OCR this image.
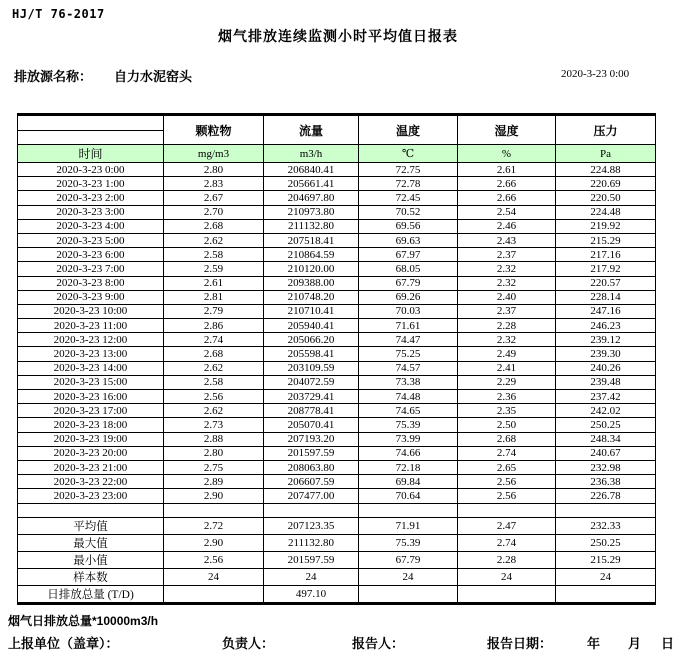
HJ/T 76-2017
烟气排放连续监测小时平均值日报表
排放源名称： 自力水泥窑头	2020-3-23 0:00
	颗粒物	流量	温度	湿度	压力
时间	mg/m3	m3/h	℃	%	Pa
2020-3-23 0:00	2.80	206840.41	72.75	2.61	224.88
2020-3-23 1:00	2.83	205661.41	72.78	2.66	220.69
2020-3-23 2:00	2.67	204697.80	72.45	2.66	220.50
2020-3-23 3:00	2.70	210973.80	70.52	2.54	224.48
2020-3-23 4:00	2.68	211132.80	69.56	2.46	219.92
2020-3-23 5:00	2.62	207518.41	69.63	2.43	215.29
2020-3-23 6:00	2.58	210864.59	67.97	2.37	217.16
2020-3-23 7:00	2.59	210120.00	68.05	2.32	217.92
2020-3-23 8:00	2.61	209388.00	67.79	2.32	220.57
2020-3-23 9:00	2.81	210748.20	69.26	2.40	228.14
2020-3-23 10:00	2.79	210710.41	70.03	2.37	247.16
2020-3-23 11:00	2.86	205940.41	71.61	2.28	246.23
2020-3-23 12:00	2.74	205066.20	74.47	2.32	239.12
2020-3-23 13:00	2.68	205598.41	75.25	2.49	239.30
2020-3-23 14:00	2.62	203109.59	74.57	2.41	240.26
2020-3-23 15:00	2.58	204072.59	73.38	2.29	239.48
2020-3-23 16:00	2.56	203729.41	74.48	2.36	237.42
2020-3-23 17:00	2.62	208778.41	74.65	2.35	242.02
2020-3-23 18:00	2.73	205070.41	75.39	2.50	250.25
2020-3-23 19:00	2.88	207193.20	73.99	2.68	248.34
2020-3-23 20:00	2.80	201597.59	74.66	2.74	240.67
2020-3-23 21:00	2.75	208063.80	72.18	2.65	232.98
2020-3-23 22:00	2.89	206607.59	69.84	2.56	236.38
2020-3-23 23:00	2.90	207477.00	70.64	2.56	226.78

平均值	2.72	207123.35	71.91	2.47	232.33
最大值	2.90	211132.80	75.39	2.74	250.25
最小值	2.56	201597.59	67.79	2.28	215.29
样本数	24	24	24	24	24
日排放总量 (T/D)		497.10			
烟气日排放总量*10000m3/h
上报单位（盖章）：	负责人：	报告人：	报告日期：	年 月 日
